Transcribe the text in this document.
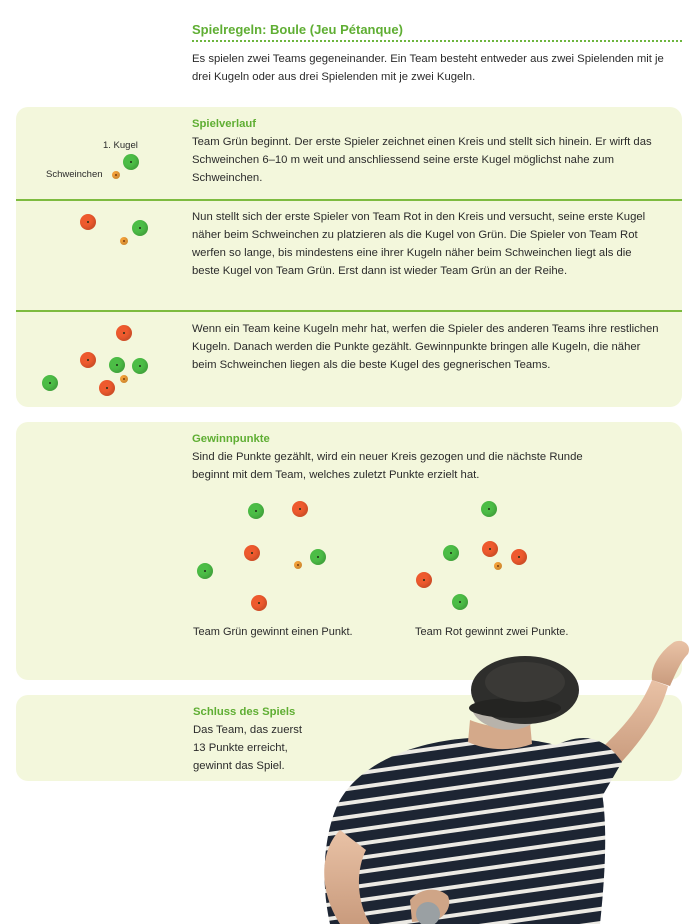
Spielregeln: Boule (Jeu Pétanque)
Es spielen zwei Teams gegeneinander. Ein Team besteht entweder aus zwei Spielenden mit je drei Kugeln oder aus drei Spielenden mit je zwei Kugeln.
Spielverlauf
1. Kugel
Schweinchen
Team Grün beginnt. Der erste Spieler zeichnet einen Kreis und stellt sich hinein. Er wirft das Schweinchen 6–10 m weit und anschliessend seine erste Kugel möglichst nahe zum Schweinchen.
Nun stellt sich der erste Spieler von Team Rot in den Kreis und versucht, seine erste Kugel näher beim Schweinchen zu platzieren als die Kugel von Grün. Die Spieler von Team Rot werfen so lange, bis mindestens eine ihrer Kugeln näher beim Schweinchen liegt als die beste Kugel von Team Grün. Erst dann ist wieder Team Grün an der Reihe.
Wenn ein Team keine Kugeln mehr hat, werfen die Spieler des anderen Teams ihre restlichen Kugeln. Danach werden die Punkte gezählt. Gewinnpunkte bringen alle Kugeln, die näher beim Schweinchen liegen als die beste Kugel des gegnerischen Teams.
Gewinnpunkte
Sind die Punkte gezählt, wird ein neuer Kreis gezogen und die nächste Runde beginnt mit dem Team, welches zuletzt Punkte erzielt hat.
Team Grün gewinnt einen Punkt.	Team Rot gewinnt zwei Punkte.
Schluss des Spiels
Das Team, das zuerst 13 Punkte erreicht, gewinnt das Spiel.
